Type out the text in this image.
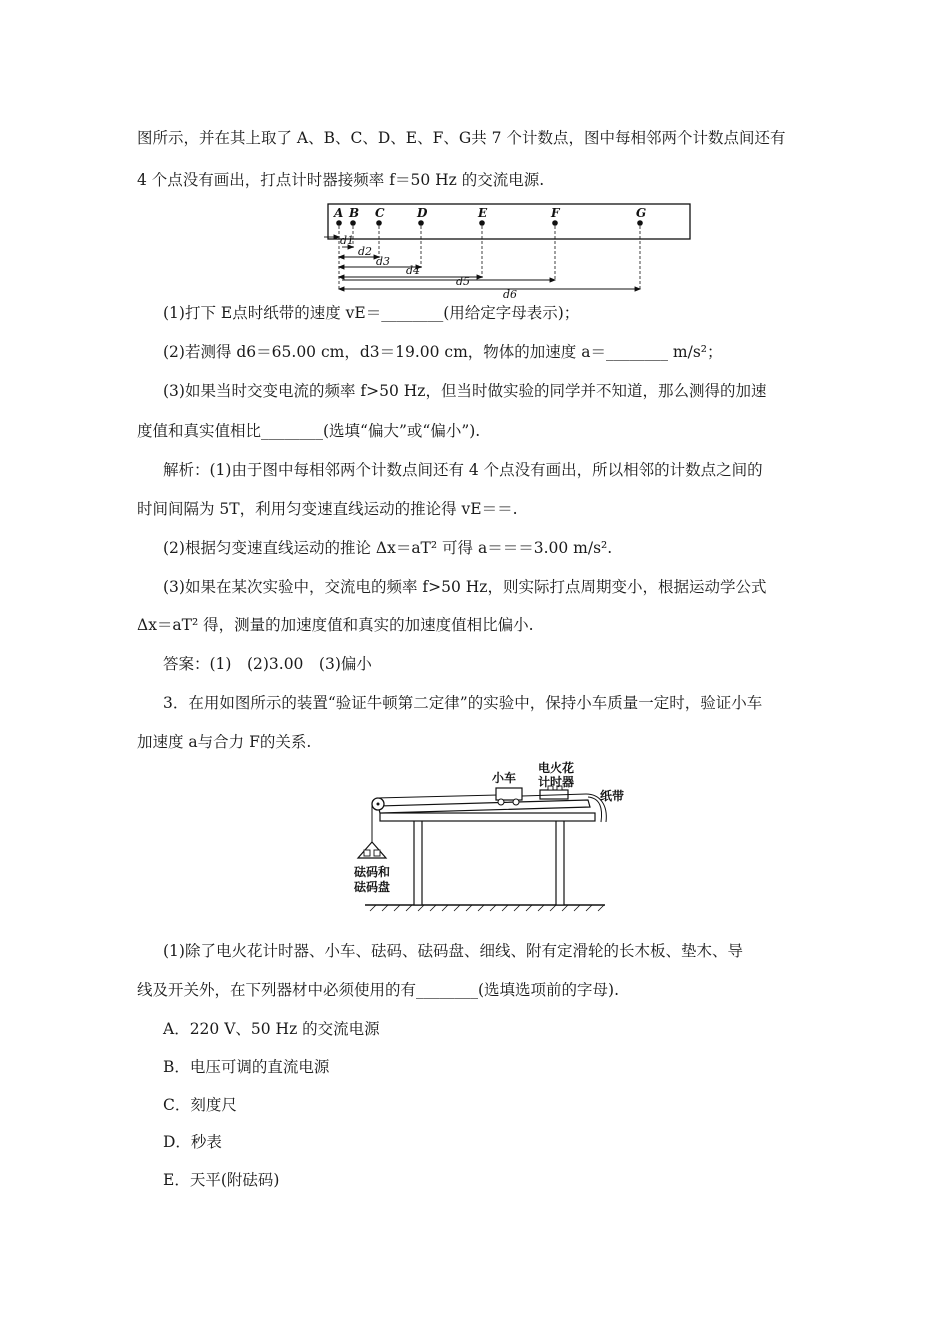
图所示，并在其上取了 A、B、C、D、E、F、G共 7 个计数点，图中每相邻两个计数点间还有
4 个点没有画出，打点计时器接频率 f＝50 Hz 的交流电源.
A B C	D	E	F	G
d1
d2
d3
d4
d5
d6
(1)打下 E点时纸带的速度 vE＝________(用给定字母表示)；
(2)若测得 d6＝65.00 cm，d3＝19.00 cm，物体的加速度 a＝________ m/s²；
(3)如果当时交变电流的频率 f>50 Hz，但当时做实验的同学并不知道，那么测得的加速
度值和真实值相比________(选填“偏大”或“偏小”).
解析：(1)由于图中每相邻两个计数点间还有 4 个点没有画出，所以相邻的计数点之间的
时间间隔为 5T，利用匀变速直线运动的推论得 vE＝＝.
(2)根据匀变速直线运动的推论 Δx＝aT² 可得 a＝＝＝3.00 m/s².
(3)如果在某次实验中，交流电的频率 f>50 Hz，则实际打点周期变小，根据运动学公式
Δx＝aT² 得，测量的加速度值和真实的加速度值相比偏小.
答案：(1)　(2)3.00　(3)偏小
3．在用如图所示的装置“验证牛顿第二定律”的实验中，保持小车质量一定时，验证小车
加速度 a与合力 F的关系.
小车
电火花
计时器
纸带
砝码和
砝码盘
(1)除了电火花计时器、小车、砝码、砝码盘、细线、附有定滑轮的长木板、垫木、导
线及开关外，在下列器材中必须使用的有________(选填选项前的字母).
A．220 V、50 Hz 的交流电源
B．电压可调的直流电源
C．刻度尺
D．秒表
E．天平(附砝码)
